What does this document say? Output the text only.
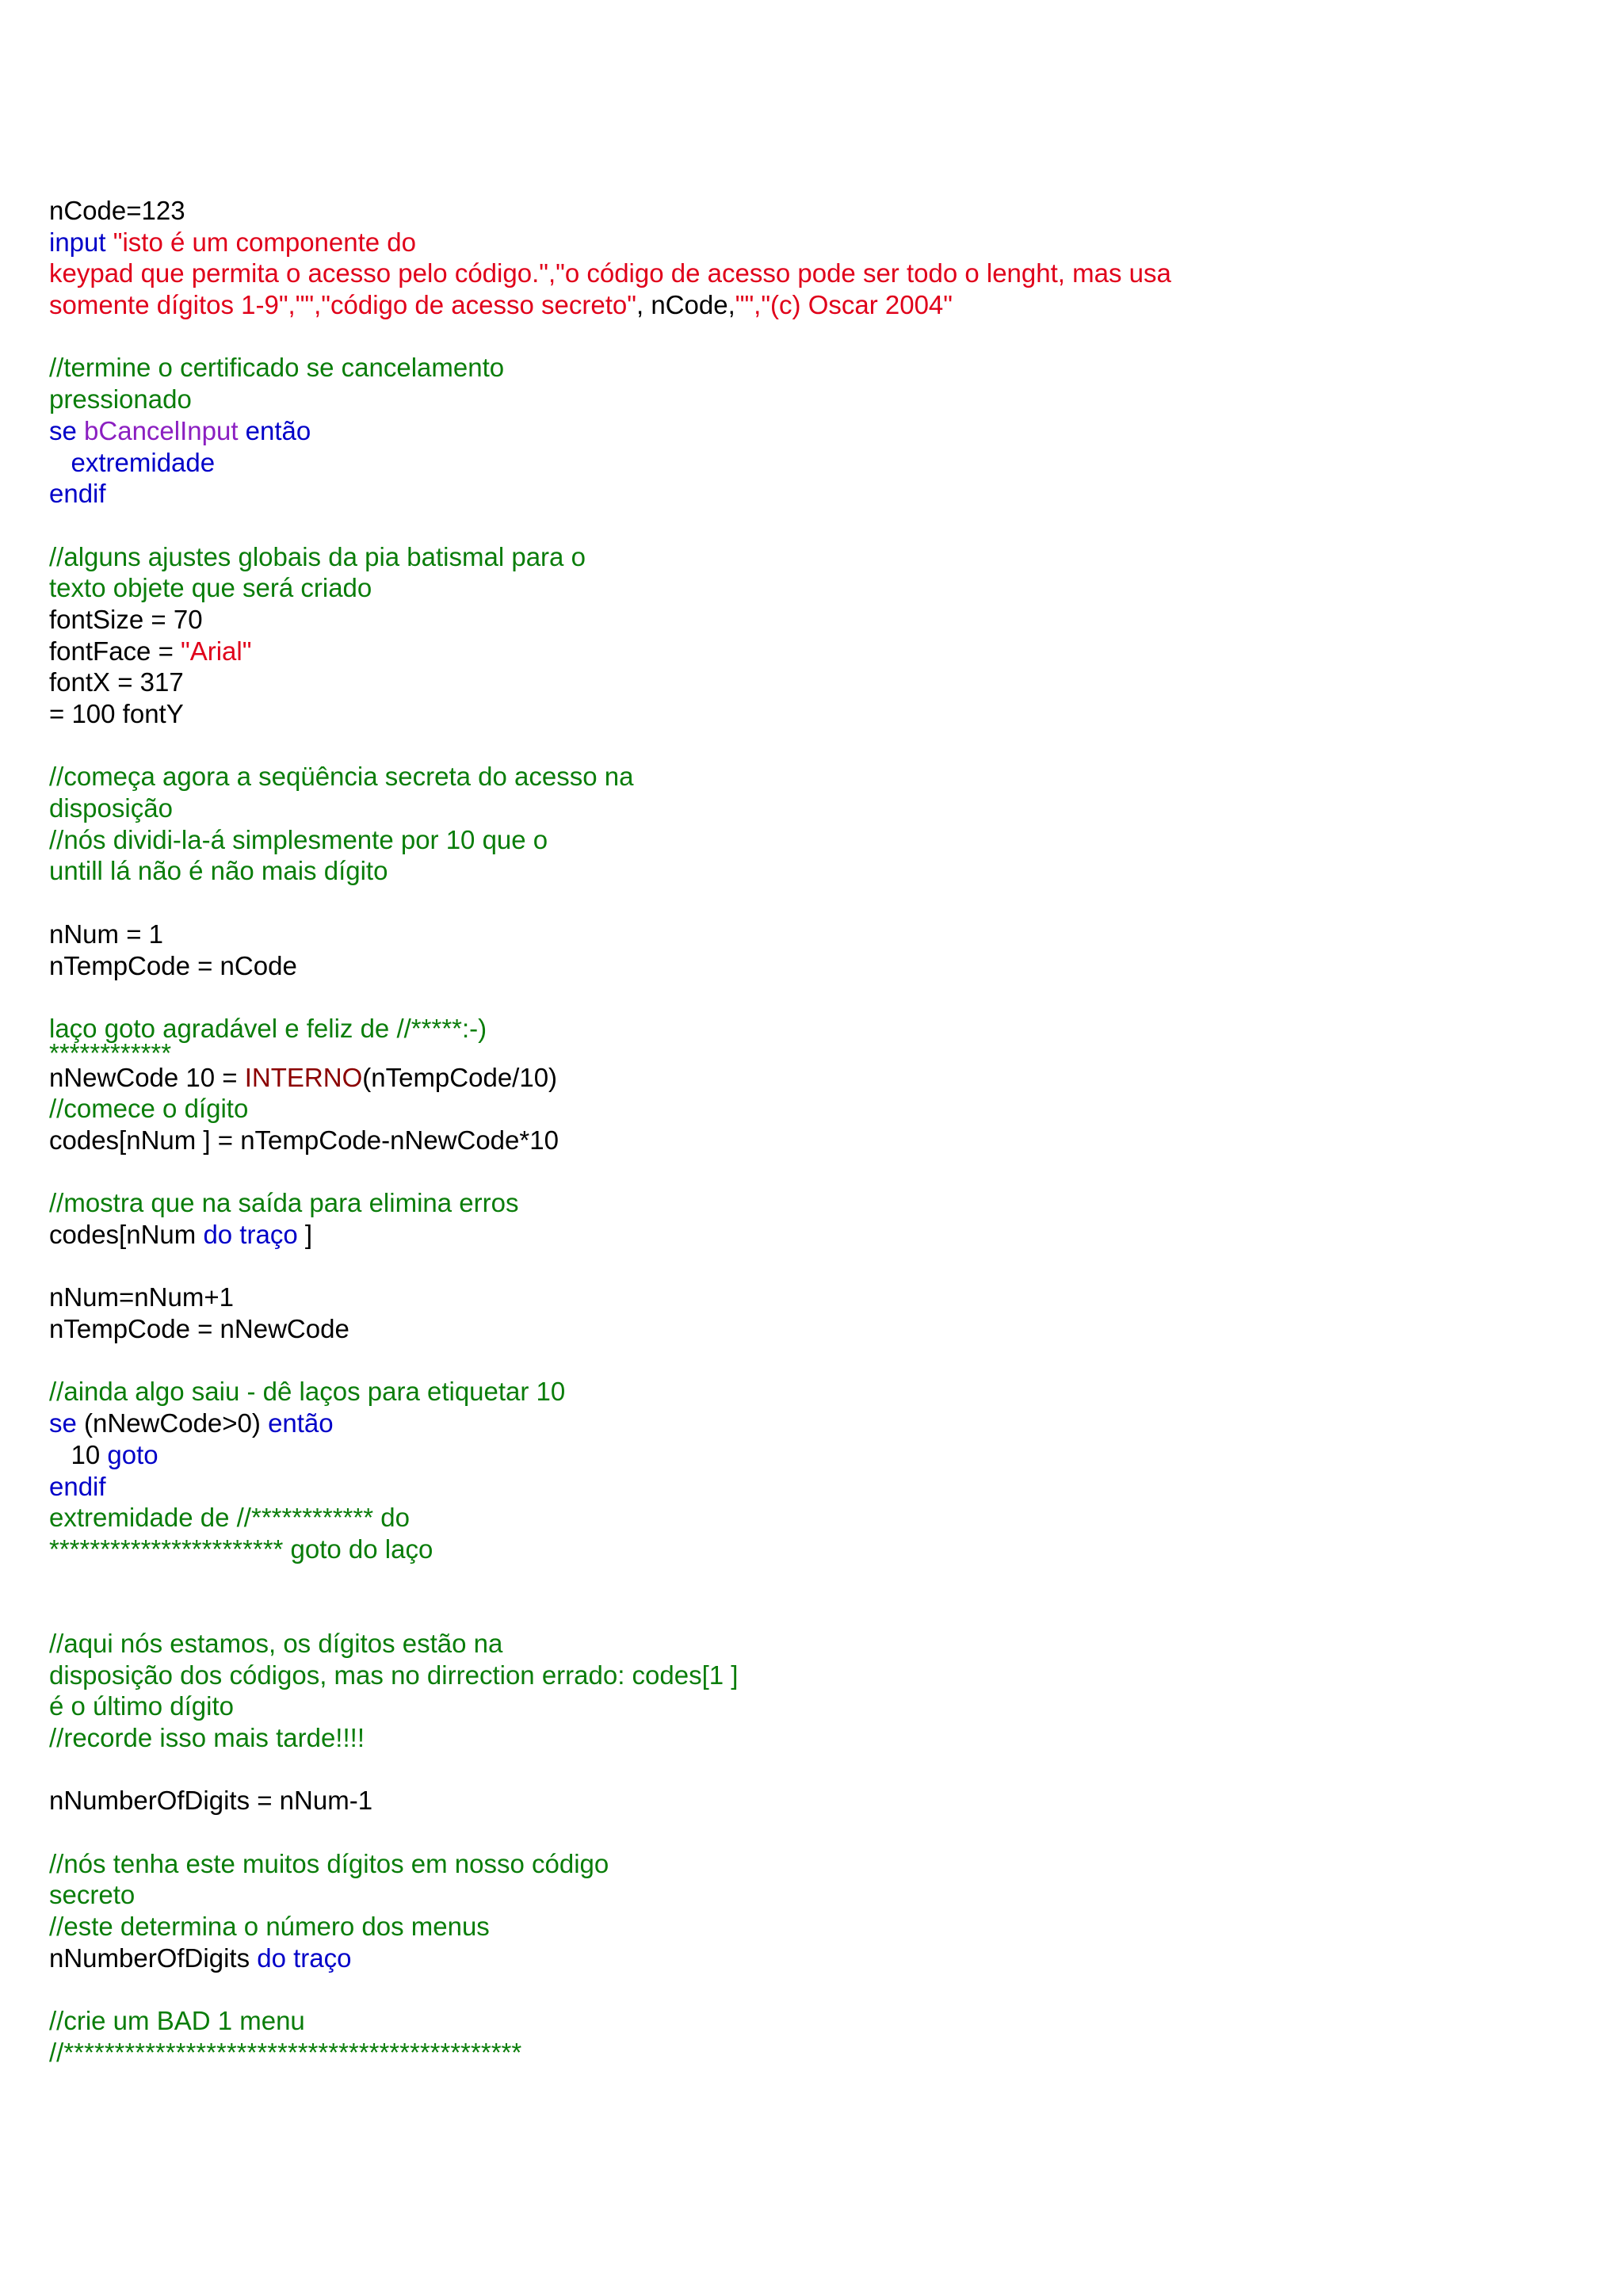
nCode=123
input "isto é um componente do
keypad que permita o acesso pelo código.","o código de acesso pode ser todo o lenght, mas usa
somente dígitos 1-9","","código de acesso secreto", nCode,"","(c) Oscar 2004"
//termine o certificado se cancelamento
pressionado
se bCancelInput então
extremidade
endif
//alguns ajustes globais da pia batismal para o
texto objete que será criado
fontSize = 70
fontFace = "Arial"
fontX = 317
= 100 fontY
//começa agora a seqüência secreta do acesso na
disposição
//nós dividi-la-á simplesmente por 10 que o
untill lá não é não mais dígito
nNum = 1
nTempCode = nCode
laço goto agradável e feliz de //*****:-)
************
nNewCode 10 = INTERNO(nTempCode/10)
//comece o dígito
codes[nNum ] = nTempCode-nNewCode*10
//mostra que na saída para elimina erros
codes[nNum do traço ]
nNum=nNum+1
nTempCode = nNewCode
//ainda algo saiu - dê laços para etiquetar 10
se (nNewCode>0) então
10 goto
endif
extremidade de //************ do
*********************** goto do laço
//aqui nós estamos, os dígitos estão na
disposição dos códigos, mas no dirrection errado: codes[1 ]
é o último dígito
//recorde isso mais tarde!!!!
nNumberOfDigits = nNum-1
//nós tenha este muitos dígitos em nosso código
secreto
//este determina o número dos menus
nNumberOfDigits do traço
//crie um BAD 1 menu
//*********************************************
